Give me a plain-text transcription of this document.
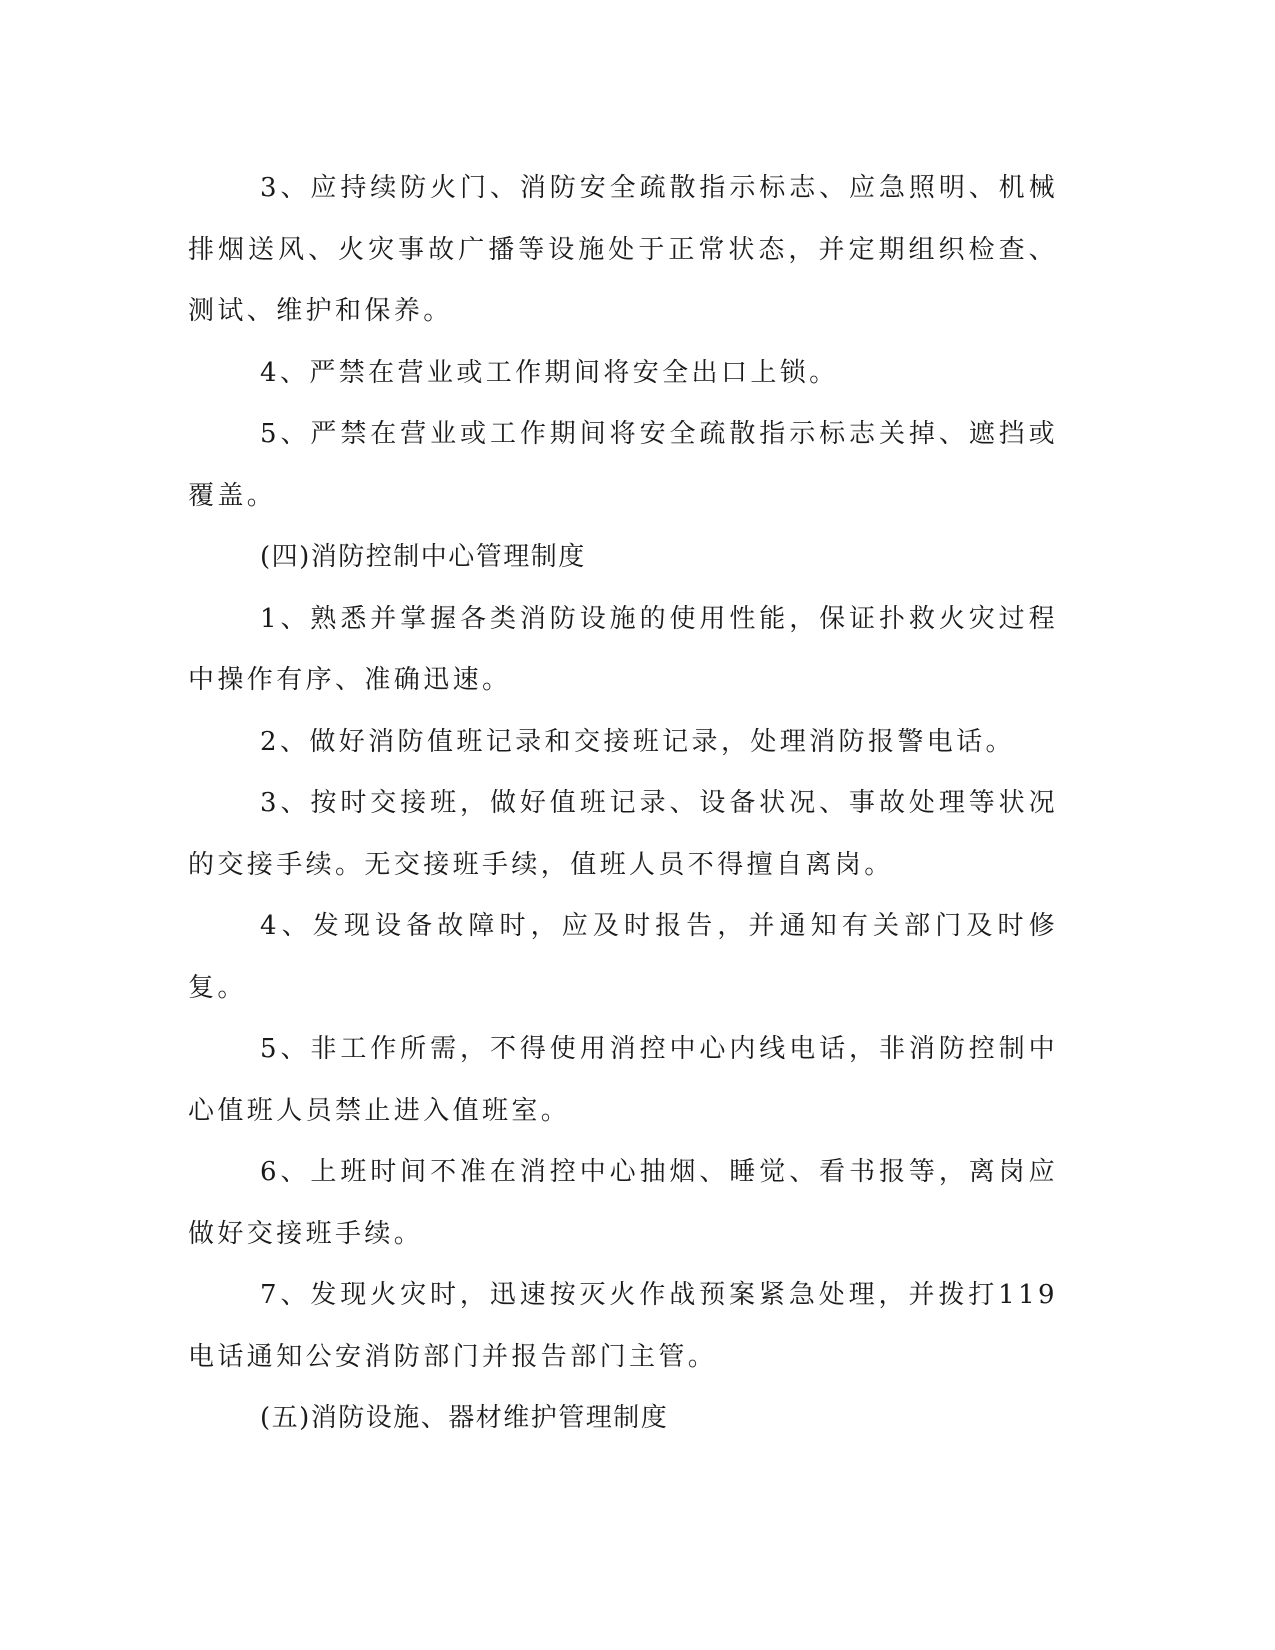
3、应持续防火门、消防安全疏散指示标志、应急照明、机械排烟送风、火灾事故广播等设施处于正常状态，并定期组织检查、测试、维护和保养。

4、严禁在营业或工作期间将安全出口上锁。

5、严禁在营业或工作期间将安全疏散指示标志关掉、遮挡或覆盖。

(四)消防控制中心管理制度

1、熟悉并掌握各类消防设施的使用性能，保证扑救火灾过程中操作有序、准确迅速。

2、做好消防值班记录和交接班记录，处理消防报警电话。

3、按时交接班，做好值班记录、设备状况、事故处理等状况的交接手续。无交接班手续，值班人员不得擅自离岗。

4、发现设备故障时，应及时报告，并通知有关部门及时修复。

5、非工作所需，不得使用消控中心内线电话，非消防控制中心值班人员禁止进入值班室。

6、上班时间不准在消控中心抽烟、睡觉、看书报等，离岗应做好交接班手续。

7、发现火灾时，迅速按灭火作战预案紧急处理，并拨打119电话通知公安消防部门并报告部门主管。

(五)消防设施、器材维护管理制度
